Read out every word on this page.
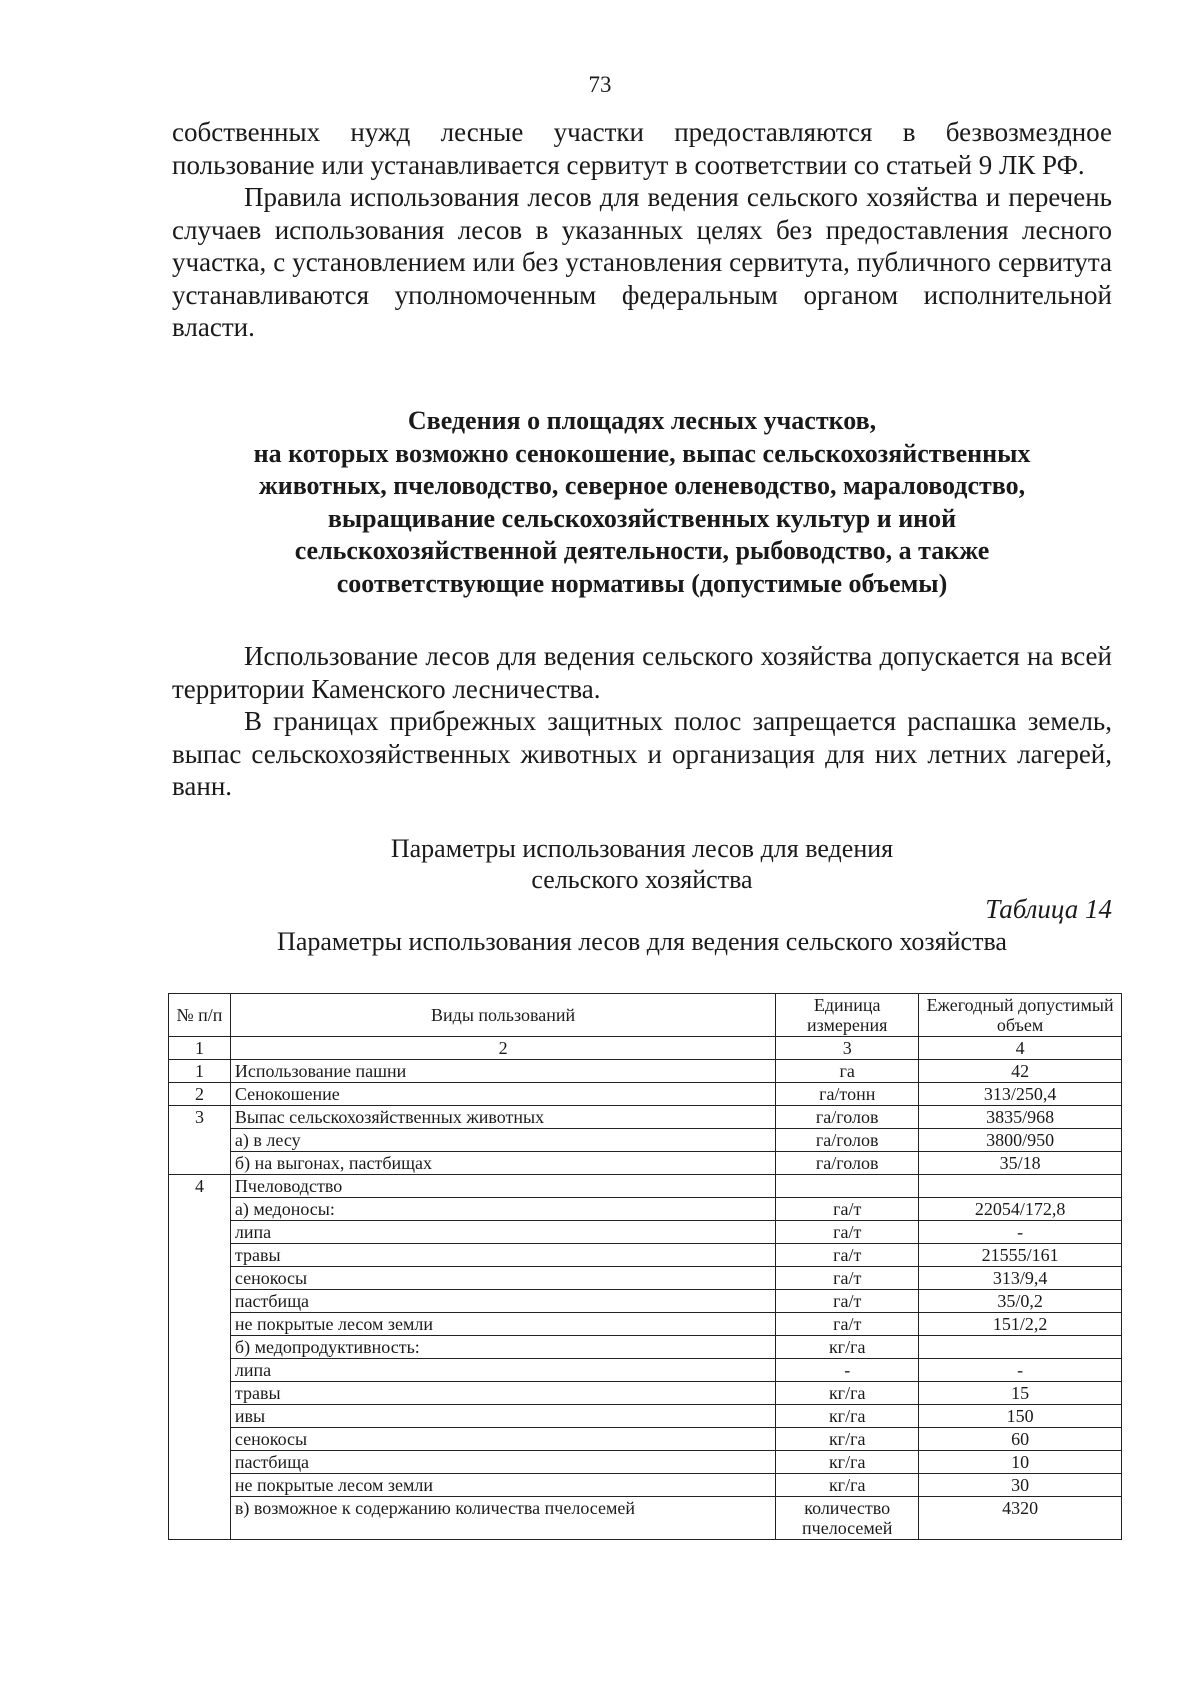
73

собственных нужд лесные участки предоставляются в безвозмездное пользование или устанавливается сервитут в соответствии со статьей 9 ЛК РФ.

Правила использования лесов для ведения сельского хозяйства и перечень случаев использования лесов в указанных целях без предоставления лесного участка, с установлением или без установления сервитута, публичного сервитута устанавливаются уполномоченным федеральным органом исполнительной власти.

Сведения о площадях лесных участков,
на которых возможно сенокошение, выпас сельскохозяйственных
животных, пчеловодство, северное оленеводство, мараловодство,
выращивание сельскохозяйственных культур и иной
сельскохозяйственной деятельности, рыбоводство, а также
соответствующие нормативы (допустимые объемы)

Использование лесов для ведения сельского хозяйства допускается на всей территории Каменского лесничества.

В границах прибрежных защитных полос запрещается распашка земель, выпас сельскохозяйственных животных и организация для них летних лагерей, ванн.

Параметры использования лесов для ведения
сельского хозяйства
Таблица 14
Параметры использования лесов для ведения сельского хозяйства
№ п/п	Виды пользований	Единица измерения	Ежегодный допустимый объем
1	2	3	4
1	Использование пашни	га	42
2	Сенокошение	га/тонн	313/250,4
3	Выпас сельскохозяйственных животных	га/голов	3835/968
	а) в лесу	га/голов	3800/950
	б) на выгонах, пастбищах	га/голов	35/18
4	Пчеловодство		
	а) медоносы:	га/т	22054/172,8
	липа	га/т	-
	травы	га/т	21555/161
	сенокосы	га/т	313/9,4
	пастбища	га/т	35/0,2
	не покрытые лесом земли	га/т	151/2,2
	б) медопродуктивность:	кг/га	
	липа	-	-
	травы	кг/га	15
	ивы	кг/га	150
	сенокосы	кг/га	60
	пастбища	кг/га	10
	не покрытые лесом земли	кг/га	30
	в) возможное к содержанию количества пчелосемей	количество пчелосемей	4320
